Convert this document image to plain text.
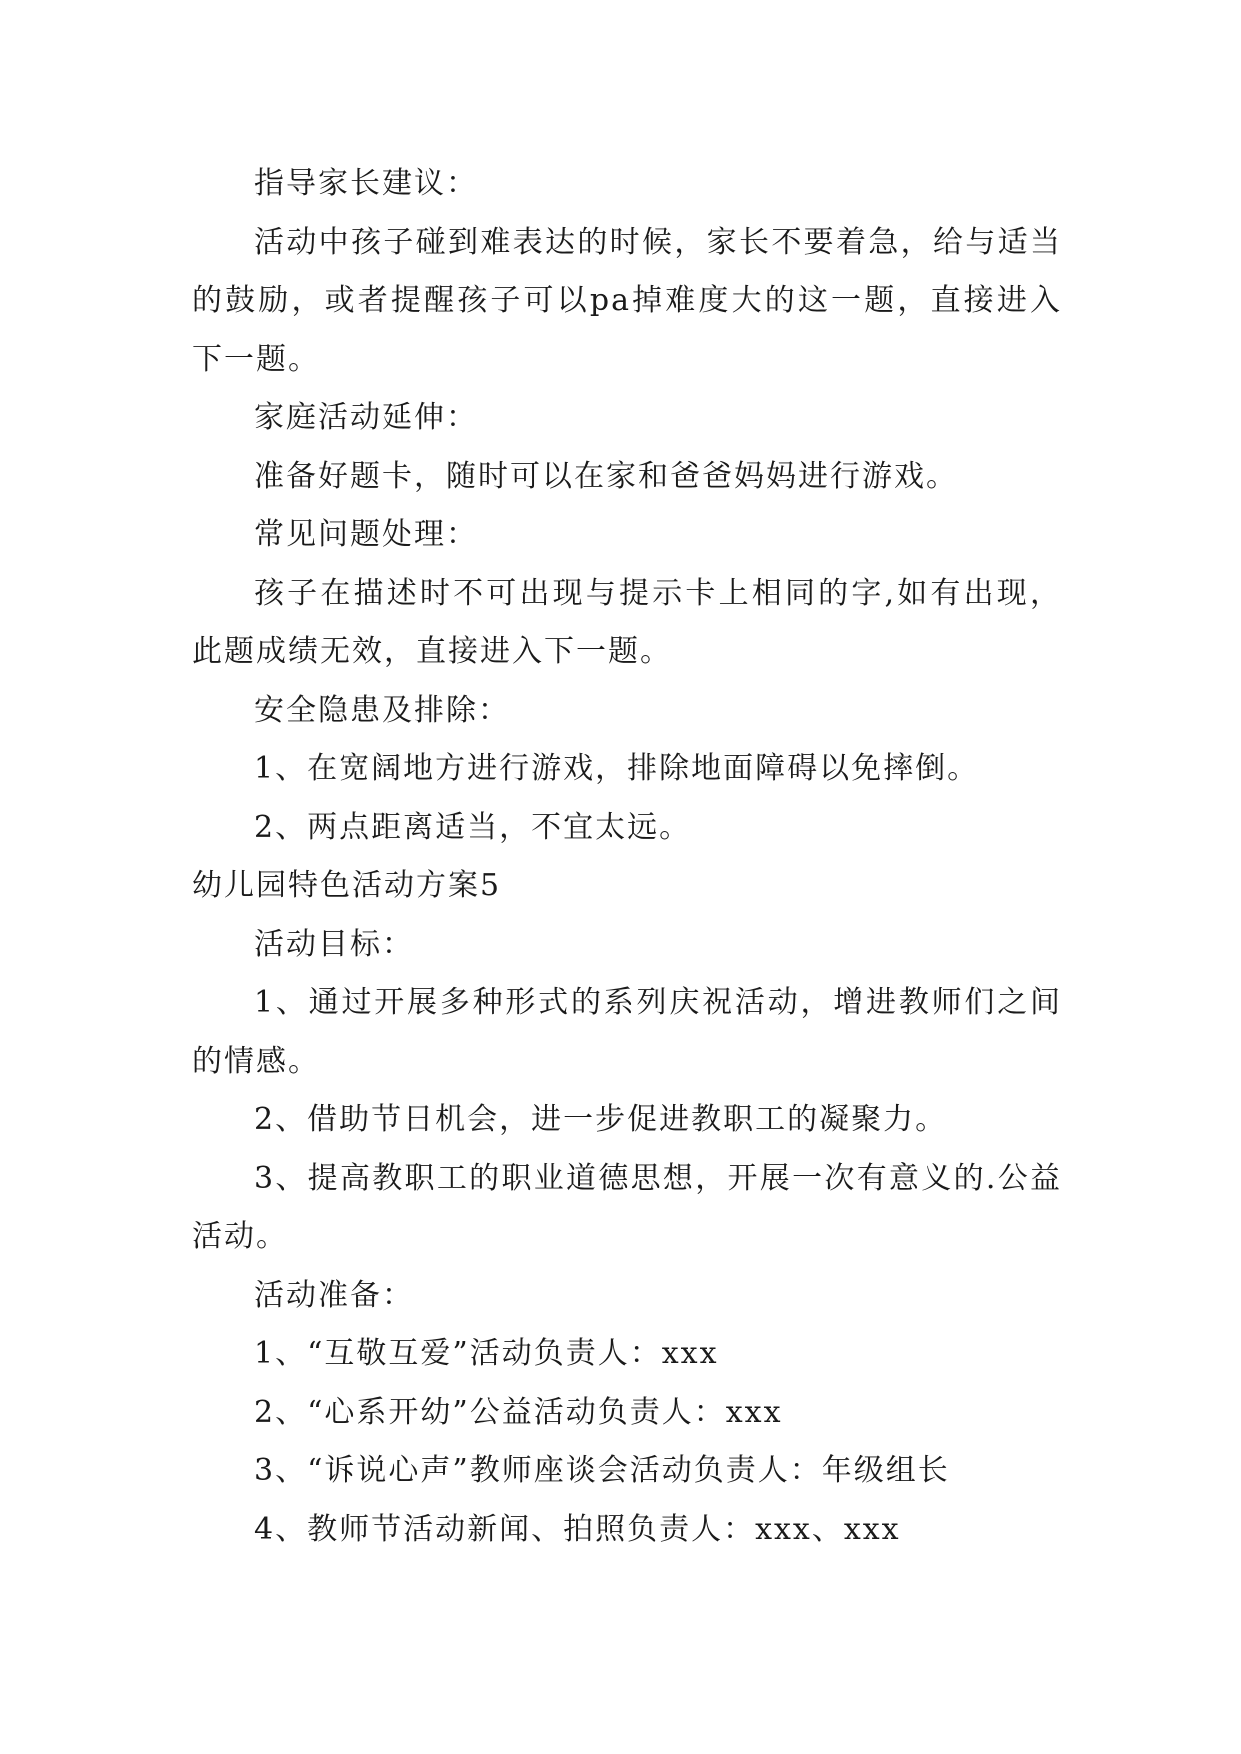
指导家长建议：

活动中孩子碰到难表达的时候，家长不要着急，给与适当的鼓励，或者提醒孩子可以pa掉难度大的这一题，直接进入下一题。

家庭活动延伸：

准备好题卡，随时可以在家和爸爸妈妈进行游戏。

常见问题处理：

孩子在描述时不可出现与提示卡上相同的字,如有出现，此题成绩无效，直接进入下一题。

安全隐患及排除：

1、在宽阔地方进行游戏，排除地面障碍以免摔倒。

2、两点距离适当，不宜太远。

幼儿园特色活动方案5

活动目标：

1、通过开展多种形式的系列庆祝活动，增进教师们之间的情感。

2、借助节日机会，进一步促进教职工的凝聚力。

3、提高教职工的职业道德思想，开展一次有意义的.公益活动。

活动准备：

1、“互敬互爱”活动负责人：xxx

2、“心系开幼”公益活动负责人：xxx

3、“诉说心声”教师座谈会活动负责人：年级组长

4、教师节活动新闻、拍照负责人：xxx、xxx
